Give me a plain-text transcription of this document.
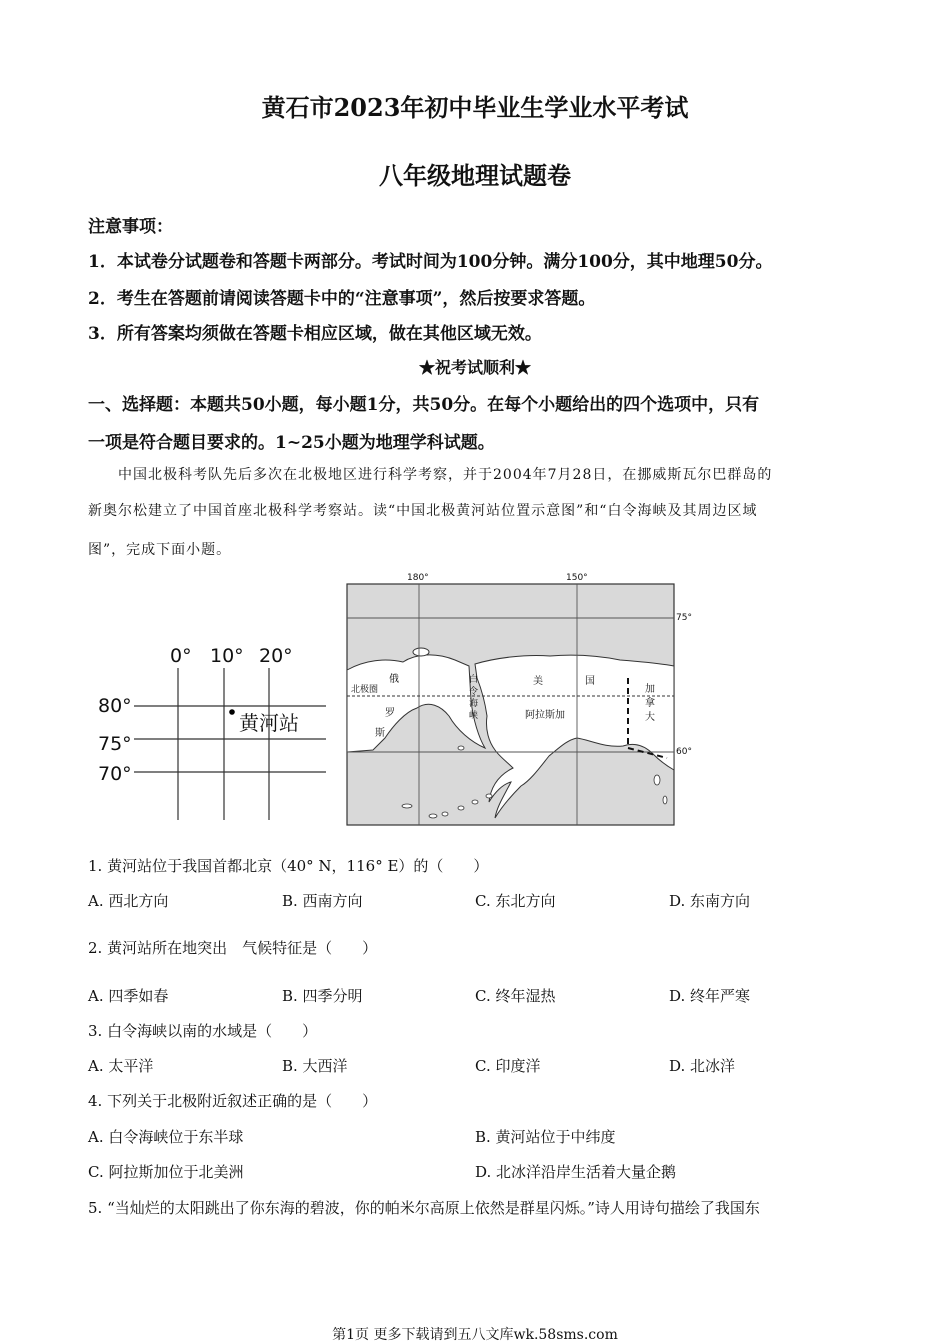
黄石市2023年初中毕业生学业水平考试
八年级地理试题卷
注意事项：
1．本试卷分试题卷和答题卡两部分。考试时间为100分钟。满分100分，其中地理50分。
2．考生在答题前请阅读答题卡中的“注意事项”，然后按要求答题。
3．所有答案均须做在答题卡相应区域，做在其他区域无效。
★祝考试顺利★
一、选择题：本题共50小题，每小题1分，共50分。在每个小题给出的四个选项中，只有
一项是符合题目要求的。1~25小题为地理学科试题。
中国北极科考队先后多次在北极地区进行科学考察，并于2004年7月28日，在挪威斯瓦尔巴群岛的
新奥尔松建立了中国首座北极科学考察站。读“中国北极黄河站位置示意图”和“白令海峡及其周边区域
图”，完成下面小题。
0° 10° 20°
80°
75°
70°
黄河站
180°	150°
75°
60°
北极圈
俄
罗
斯
白
令
海
峡
美	国
阿拉斯加
加
拿
大
1. 黄河站位于我国首都北京（40° N，116° E）的（　　）
A. 西北方向	B. 西南方向	C. 东北方向	D. 东南方向
2. 黄河站所在地突出　气候特征是（　　）
A. 四季如春	B. 四季分明	C. 终年湿热	D. 终年严寒
3. 白令海峡以南的水域是（　　）
A. 太平洋	B. 大西洋	C. 印度洋	D. 北冰洋
4. 下列关于北极附近叙述正确的是（　　）
A. 白令海峡位于东半球	B. 黄河站位于中纬度
C. 阿拉斯加位于北美洲	D. 北冰洋沿岸生活着大量企鹅
5. “当灿烂的太阳跳出了你东海的碧波，你的帕米尔高原上依然是群星闪烁。”诗人用诗句描绘了我国东
第1页 更多下载请到五八文库wk.58sms.com
